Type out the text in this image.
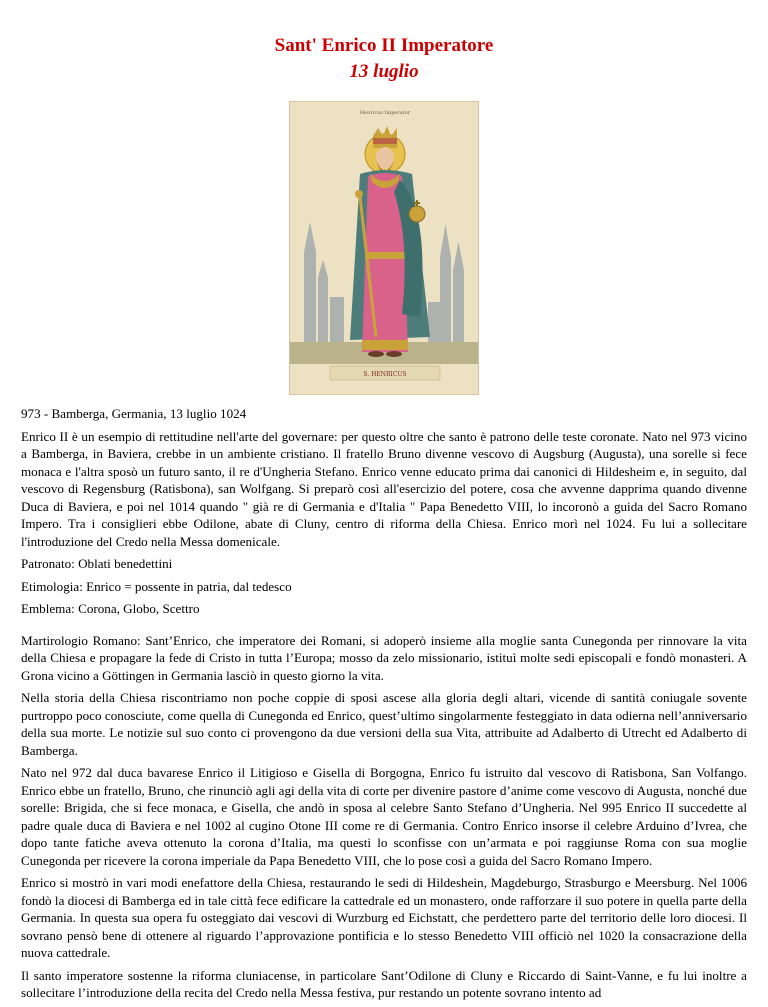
Sant' Enrico II Imperatore
13 luglio
Henricus Imperator
S. HENRICUS

973 - Bamberga, Germania, 13 luglio 1024

Enrico II è un esempio di rettitudine nell'arte del governare: per questo oltre che santo è patrono delle teste coronate. Nato nel 973 vicino a Bamberga, in Baviera, crebbe in un ambiente cristiano. Il fratello Bruno divenne vescovo di Augsburg (Augusta), una sorelle si fece monaca e l'altra sposò un futuro santo, il re d'Ungheria Stefano. Enrico venne educato prima dai canonici di Hildesheim e, in seguito, dal vescovo di Regensburg (Ratisbona), san Wolfgang. Si preparò così all'esercizio del potere, cosa che avvenne dapprima quando divenne Duca di Baviera, e poi nel 1014 quando " già re di Germania e d'Italia " Papa Benedetto VIII, lo incoronò a guida del Sacro Romano Impero. Tra i consiglieri ebbe Odilone, abate di Cluny, centro di riforma della Chiesa. Enrico morì nel 1024. Fu lui a sollecitare l'introduzione del Credo nella Messa domenicale.

Patronato: Oblati benedettini

Etimologia: Enrico = possente in patria, dal tedesco

Emblema: Corona, Globo, Scettro

Martirologio Romano: Sant’Enrico, che imperatore dei Romani, si adoperò insieme alla moglie santa Cunegonda per rinnovare la vita della Chiesa e propagare la fede di Cristo in tutta l’Europa; mosso da zelo missionario, istituì molte sedi episcopali e fondò monasteri. A Grona vicino a Göttingen in Germania lasciò in questo giorno la vita.

Nella storia della Chiesa riscontriamo non poche coppie di sposi ascese alla gloria degli altari, vicende di santità coniugale sovente purtroppo poco conosciute, come quella di Cunegonda ed Enrico, quest’ultimo singolarmente festeggiato in data odierna nell’anniversario della sua morte. Le notizie sul suo conto ci provengono da due versioni della sua Vita, attribuite ad Adalberto di Utrecht ed Adalberto di Bamberga.

Nato nel 972 dal duca bavarese Enrico il Litigioso e Gisella di Borgogna, Enrico fu istruito dal vescovo di Ratisbona, San Volfango. Enrico ebbe un fratello, Bruno, che rinunciò agli agi della vita di corte per divenire pastore d’anime come vescovo di Augusta, nonché due sorelle: Brigida, che si fece monaca, e Gisella, che andò in sposa al celebre Santo Stefano d’Ungheria. Nel 995 Enrico II succedette al padre quale duca di Baviera e nel 1002 al cugino Otone III come re di Germania. Contro Enrico insorse il celebre Arduino d’Ivrea, che dopo tante fatiche aveva ottenuto la corona d’Italia, ma questi lo sconfisse con un’armata e poi raggiunse Roma con sua moglie Cunegonda per ricevere la corona imperiale da Papa Benedetto VIII, che lo pose così a guida del Sacro Romano Impero.

Enrico si mostrò in vari modi enefattore della Chiesa, restaurando le sedi di Hildeshein, Magdeburgo, Strasburgo e Meersburg. Nel 1006 fondò la diocesi di Bamberga ed in tale città fece edificare la cattedrale ed un monastero, onde rafforzare il suo potere in quella parte della Germania. In questa sua opera fu osteggiato dai vescovi di Wurzburg ed Eichstatt, che perdettero parte del territorio delle loro diocesi. Il sovrano pensò bene di ottenere al riguardo l’approvazione pontificia e lo stesso Benedetto VIII officiò nel 1020 la consacrazione della nuova cattedrale.

Il santo imperatore sostenne la riforma cluniacense, in particolare Sant’Odilone di Cluny e Riccardo di Saint-Vanne, e fu lui inoltre a sollecitare l’introduzione della recita del Credo nella Messa festiva, pur restando un potente sovrano intento ad
